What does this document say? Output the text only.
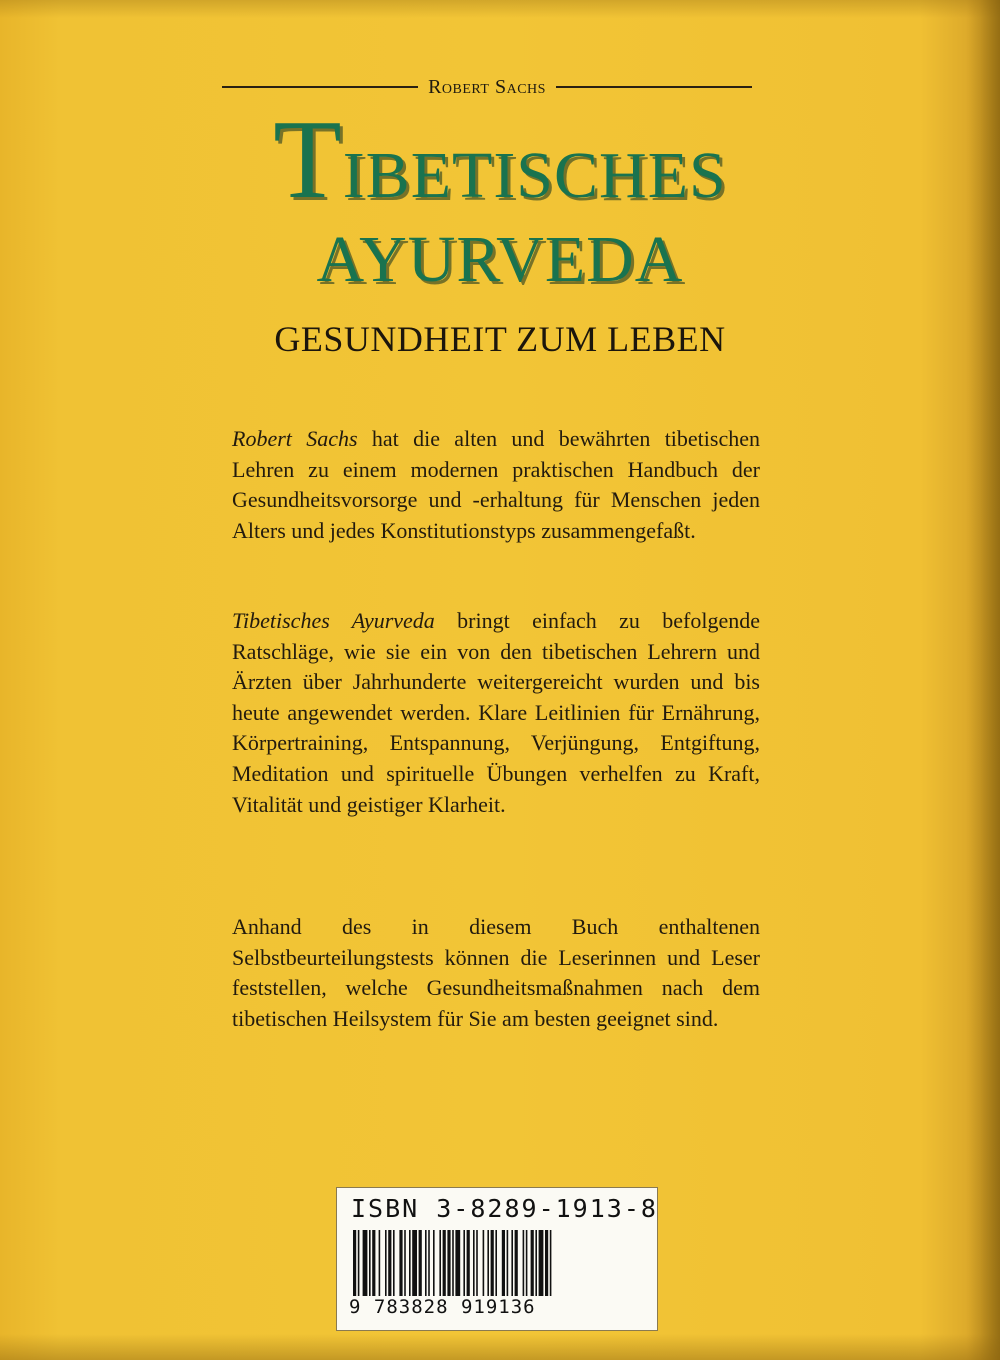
Robert Sachs
TIBETISCHES
AYURVEDA
GESUNDHEIT ZUM LEBEN
Robert Sachs hat die alten und bewährten tibetischen Lehren zu einem modernen praktischen Handbuch der Gesundheitsvorsorge und -erhaltung für Menschen jeden Alters und jedes Konstitutionstyps zusammengefaßt.
Tibetisches Ayurveda bringt einfach zu befolgende Ratschläge, wie sie ein von den tibetischen Lehrern und Ärzten über Jahrhunderte weitergereicht wurden und bis heute angewendet werden. Klare Leitlinien für Ernährung, Körpertraining, Entspannung, Verjüngung, Entgiftung, Meditation und spirituelle Übungen verhelfen zu Kraft, Vitalität und geistiger Klarheit.
Anhand des in diesem Buch enthaltenen Selbstbeurteilungstests können die Leserinnen und Leser feststellen, welche Gesundheitsmaßnahmen nach dem tibetischen Heilsystem für Sie am besten geeignet sind.
ISBN 3-8289-1913-8
9 783828 919136
